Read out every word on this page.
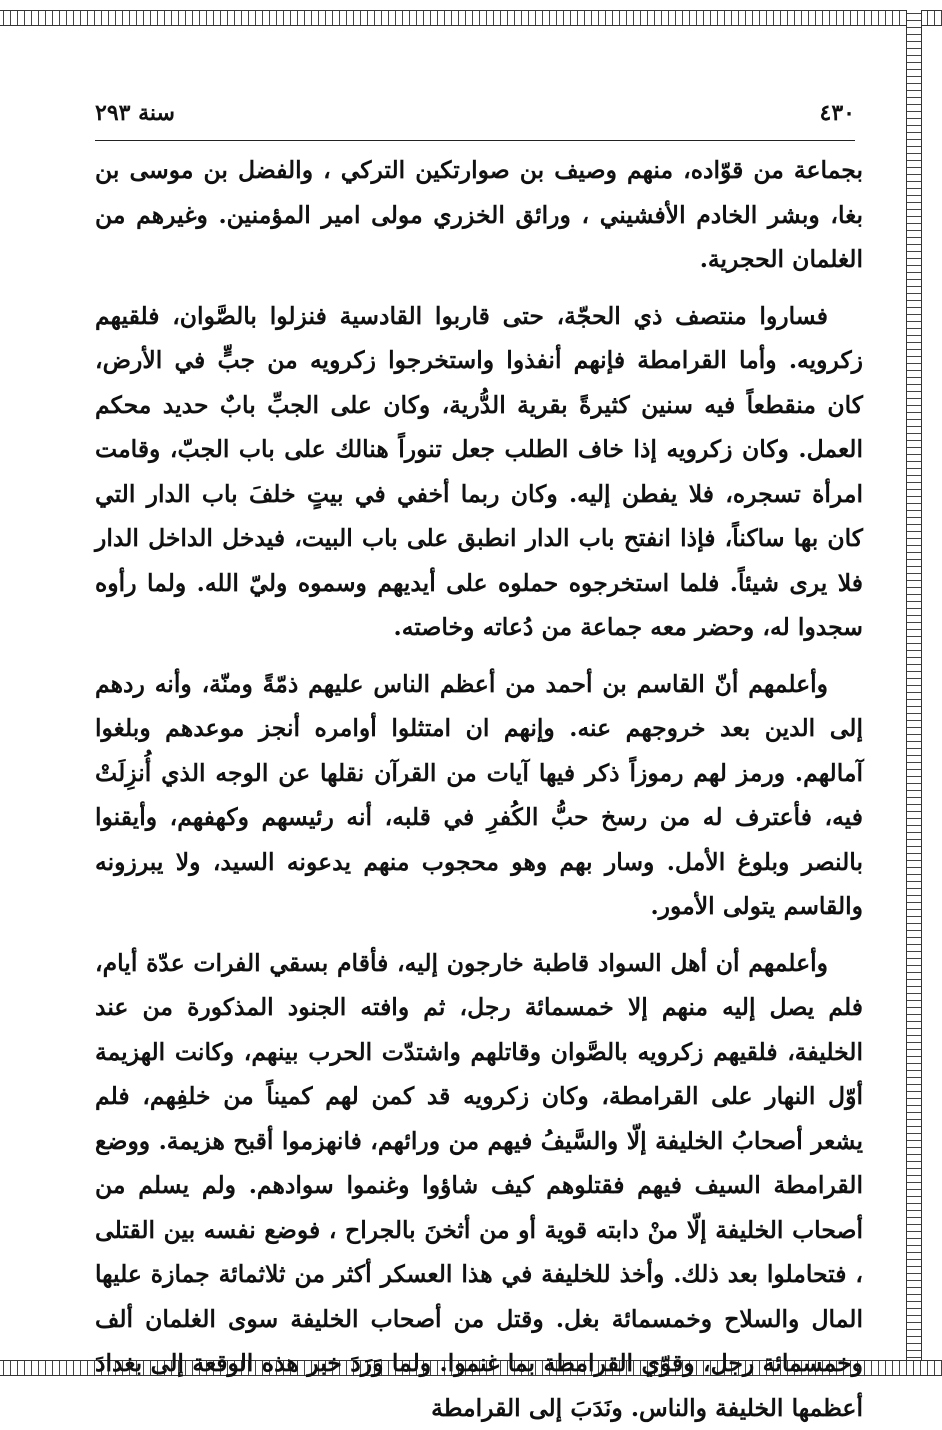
٤٣٠
سنة ٢٩٣

بجماعة من قوّاده، منهم وصيف بن صوارتكين التركي ، والفضل بن موسى بن بغا، وبشر الخادم الأفشيني ، ورائق الخزري مولى امير المؤمنين. وغيرهم من الغلمان الحجرية.

فساروا منتصف ذي الحجّة، حتى قاربوا القادسية فنزلوا بالصَّوان، فلقيهم زكرويه. وأما القرامطة فإنهم أنفذوا واستخرجوا زكرويه من جبٍّ في الأرض، كان منقطعاً فيه سنين كثيرةً بقرية الدُّرية، وكان على الجبِّ بابٌ حديد محكم العمل. وكان زكرويه إذا خاف الطلب جعل تنوراً هنالك على باب الجبّ، وقامت امرأة تسجره، فلا يفطن إليه. وكان ربما أخفي في بيتٍ خلفَ باب الدار التي كان بها ساكناً، فإذا انفتح باب الدار انطبق على باب البيت، فيدخل الداخل الدار فلا يرى شيئاً. فلما استخرجوه حملوه على أيديهم وسموه وليّ الله. ولما رأوه سجدوا له، وحضر معه جماعة من دُعاته وخاصته.

وأعلمهم أنّ القاسم بن أحمد من أعظم الناس عليهم ذمّةً ومنّة، وأنه ردهم إلى الدين بعد خروجهم عنه. وإنهم ان امتثلوا أوامره أنجز موعدهم وبلغوا آمالهم. ورمز لهم رموزاً ذكر فيها آيات من القرآن نقلها عن الوجه الذي أُنزِلَتْ فيه، فأعترف له من رسخ حبُّ الكُفرِ في قلبه، أنه رئيسهم وكهفهم، وأيقنوا بالنصر وبلوغ الأمل. وسار بهم وهو محجوب منهم يدعونه السيد، ولا يبرزونه والقاسم يتولى الأمور.

وأعلمهم أن أهل السواد قاطبة خارجون إليه، فأقام بسقي الفرات عدّة أيام، فلم يصل إليه منهم إلا خمسمائة رجل، ثم وافته الجنود المذكورة من عند الخليفة، فلقيهم زكرويه بالصَّوان وقاتلهم واشتدّت الحرب بينهم، وكانت الهزيمة أوّل النهار على القرامطة، وكان زكرويه قد كمن لهم كميناً من خلفِهم، فلم يشعر أصحابُ الخليفة إلّا والسَّيفُ فيهم من ورائهم، فانهزموا أقبح هزيمة. ووضع القرامطة السيف فيهم فقتلوهم كيف شاؤوا وغنموا سوادهم. ولم يسلم من أصحاب الخليفة إلّا منْ دابته قوية أو من أثخنَ بالجراح ، فوضع نفسه بين القتلى ، فتحاملوا بعد ذلك. وأخذ للخليفة في هذا العسكر أكثر من ثلاثمائة جمازة عليها المال والسلاح وخمسمائة بغل. وقتل من أصحاب الخليفة سوى الغلمان ألف وخمسمائة رجل، وقوّي القرامطة بما غنموا. ولما وَرَدَ خبر هذه الوقعة إلى بغدادَ أعظمها الخليفة والناس. ونَدَبَ إلى القرامطة
